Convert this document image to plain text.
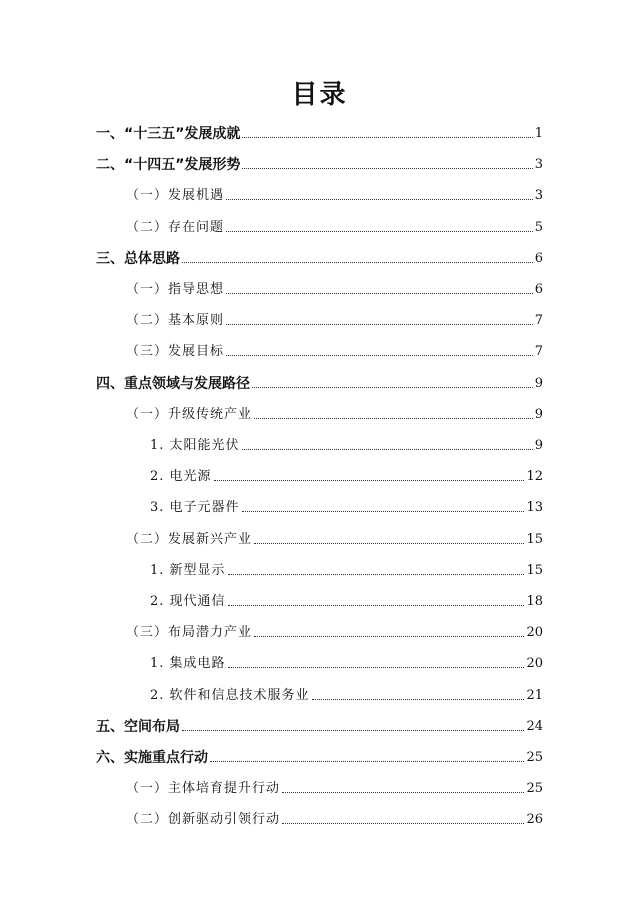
目录
一、“十三五”发展成就	1
二、“十四五”发展形势	3
（一）发展机遇	3
（二）存在问题	5
三、总体思路	6
（一）指导思想	6
（二）基本原则	7
（三）发展目标	7
四、重点领域与发展路径	9
（一）升级传统产业	9
1. 太阳能光伏	9
2. 电光源	12
3. 电子元器件	13
（二）发展新兴产业	15
1. 新型显示	15
2. 现代通信	18
（三）布局潜力产业	20
1. 集成电路	20
2. 软件和信息技术服务业	21
五、空间布局	24
六、实施重点行动	25
（一）主体培育提升行动	25
（二）创新驱动引领行动	26
